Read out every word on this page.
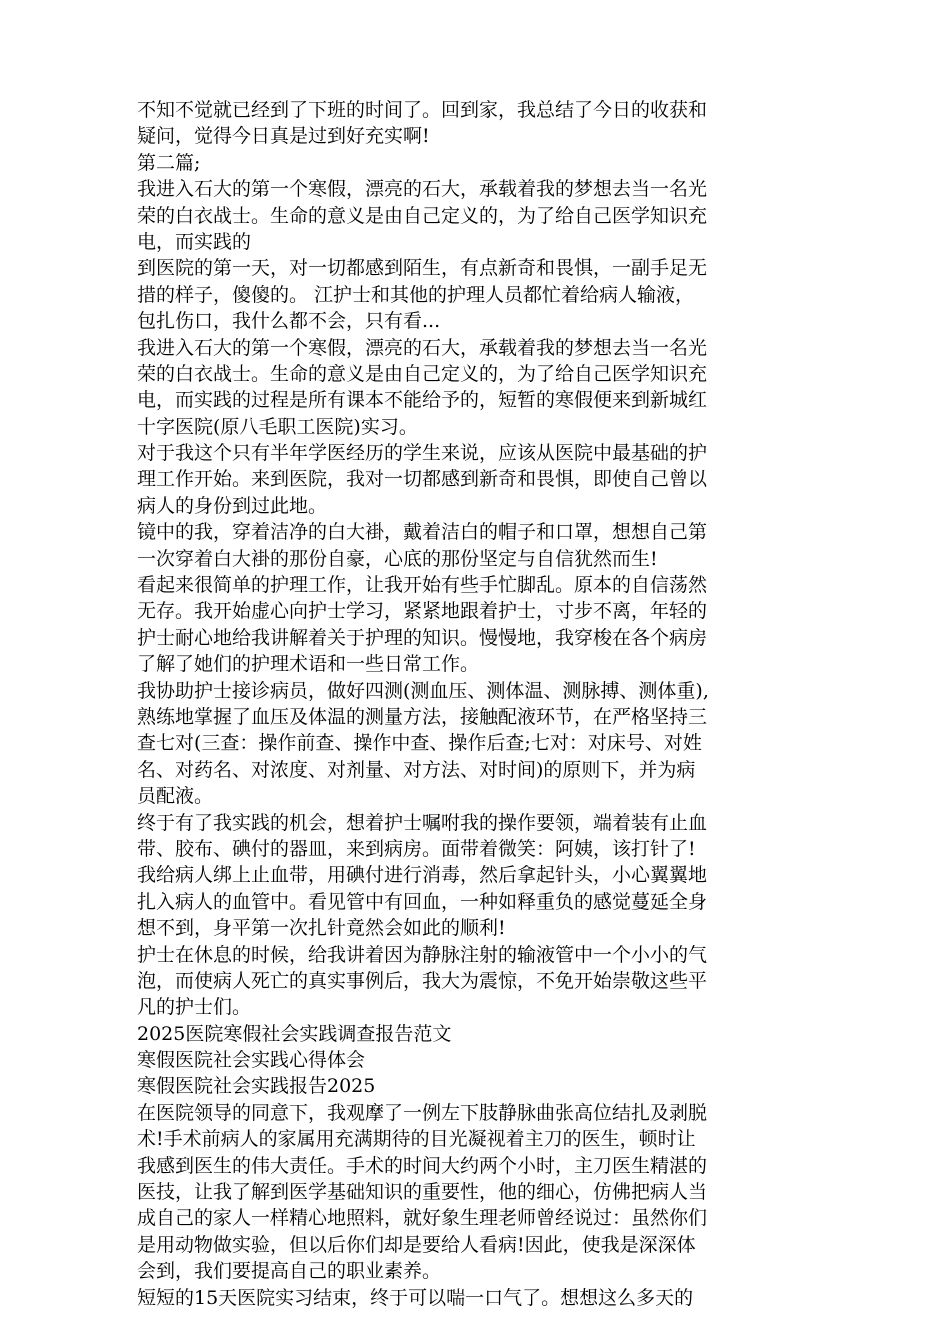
不知不觉就已经到了下班的时间了。回到家，我总结了今日的收获和
疑问，觉得今日真是过到好充实啊!
第二篇;
我进入石大的第一个寒假，漂亮的石大，承载着我的梦想去当一名光
荣的白衣战士。生命的意义是由自己定义的，为了给自己医学知识充
电，而实践的
到医院的第一天，对一切都感到陌生，有点新奇和畏惧，一副手足无
措的样子，傻傻的。 江护士和其他的护理人员都忙着给病人输液，
包扎伤口，我什么都不会，只有看...
我进入石大的第一个寒假，漂亮的石大，承载着我的梦想去当一名光
荣的白衣战士。生命的意义是由自己定义的，为了给自己医学知识充
电，而实践的过程是所有课本不能给予的，短暂的寒假便来到新城红
十字医院(原八毛职工医院)实习。
对于我这个只有半年学医经历的学生来说，应该从医院中最基础的护
理工作开始。来到医院，我对一切都感到新奇和畏惧，即使自己曾以
病人的身份到过此地。
镜中的我，穿着洁净的白大褂，戴着洁白的帽子和口罩，想想自己第
一次穿着白大褂的那份自豪，心底的那份坚定与自信犹然而生!
看起来很简单的护理工作，让我开始有些手忙脚乱。原本的自信荡然
无存。我开始虚心向护士学习，紧紧地跟着护士，寸步不离，年轻的
护士耐心地给我讲解着关于护理的知识。慢慢地，我穿梭在各个病房
了解了她们的护理术语和一些日常工作。
我协助护士接诊病员，做好四测(测血压、测体温、测脉搏、测体重),
熟练地掌握了血压及体温的测量方法，接触配液环节，在严格坚持三
查七对(三查：操作前查、操作中查、操作后查;七对：对床号、对姓
名、对药名、对浓度、对剂量、对方法、对时间)的原则下，并为病
员配液。
终于有了我实践的机会，想着护士嘱咐我的操作要领，端着装有止血
带、胶布、碘付的器皿，来到病房。面带着微笑：阿姨，该打针了!
我给病人绑上止血带，用碘付进行消毒，然后拿起针头，小心翼翼地
扎入病人的血管中。看见管中有回血，一种如释重负的感觉蔓延全身
想不到，身平第一次扎针竟然会如此的顺利!
护士在休息的时候，给我讲着因为静脉注射的输液管中一个小小的气
泡，而使病人死亡的真实事例后，我大为震惊，不免开始崇敬这些平
凡的护士们。
2025医院寒假社会实践调查报告范文
寒假医院社会实践心得体会
寒假医院社会实践报告2025
在医院领导的同意下，我观摩了一例左下肢静脉曲张高位结扎及剥脱
术!手术前病人的家属用充满期待的目光凝视着主刀的医生，顿时让
我感到医生的伟大责任。手术的时间大约两个小时，主刀医生精湛的
医技，让我了解到医学基础知识的重要性，他的细心，仿佛把病人当
成自己的家人一样精心地照料，就好象生理老师曾经说过：虽然你们
是用动物做实验，但以后你们却是要给人看病!因此，使我是深深体
会到，我们要提高自己的职业素养。
短短的15天医院实习结束，终于可以喘一口气了。想想这么多天的
